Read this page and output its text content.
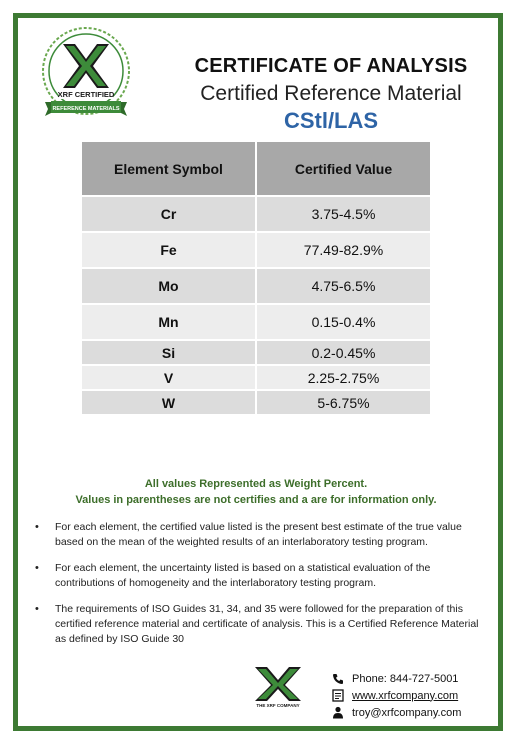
XRF CERTIFIED
REFERENCE MATERIALS
CERTIFICATE OF ANALYSIS
Certified Reference Material
CStl/LAS
Element Symbol	Certified Value
Cr	3.75-4.5%
Fe	77.49-82.9%
Mo	4.75-6.5%
Mn	0.15-0.4%
Si	0.2-0.45%
V	2.25-2.75%
W	5-6.75%
All values Represented as Weight Percent.
Values in parentheses are not certifies and a are for information only.
• For each element, the certified value listed is the present best estimate of the true value based on the mean of the weighted results of an interlaboratory testing program.
• For each element, the uncertainty listed is based on a statistical evaluation of the contributions of homogeneity and the interlaboratory testing program.
• The requirements of ISO Guides 31, 34, and 35 were followed for the preparation of this certified reference material and certificate of analysis. This is a Certified Reference Material as defined by ISO Guide 30
THE XRF COMPANY
Phone: 844-727-5001
www.xrfcompany.com
troy@xrfcompany.com
